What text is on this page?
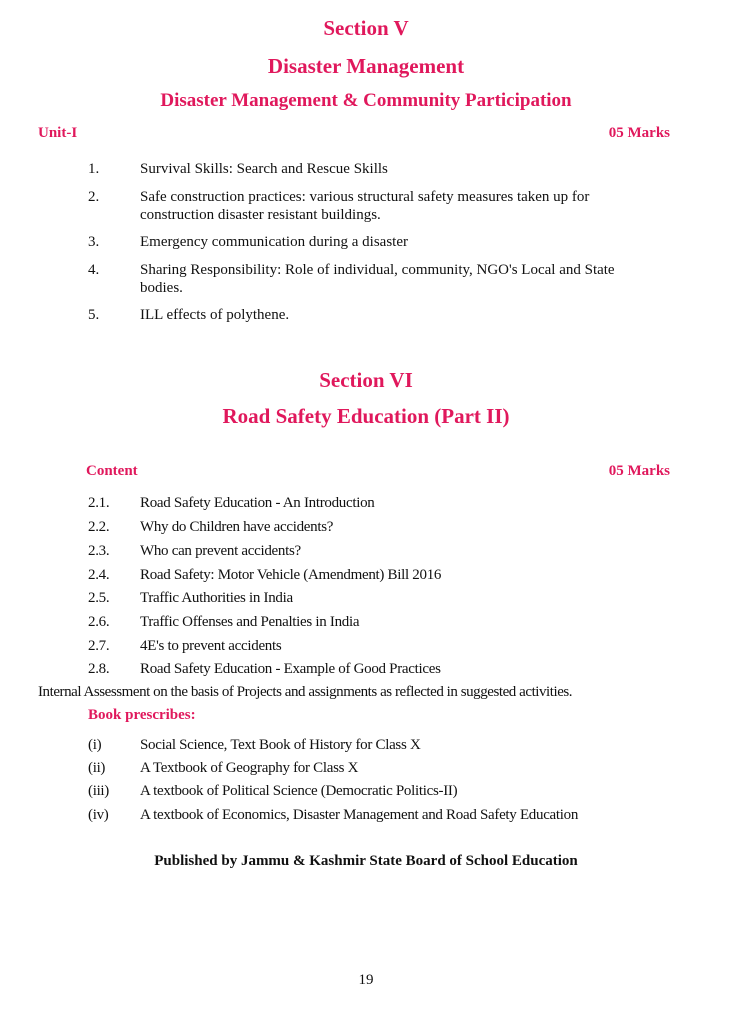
Section V
Disaster Management
Disaster Management & Community Participation
Unit-I	05 Marks
1.	Survival Skills: Search and Rescue Skills
2.	Safe construction practices: various structural safety measures taken up for
construction disaster resistant buildings.
3.	Emergency communication during a disaster
4.	Sharing Responsibility: Role of individual, community, NGO's Local and State
bodies.
5.	ILL effects of polythene.
Section VI
Road Safety Education (Part II)
Content	05 Marks
2.1. Road Safety Education - An Introduction
2.2. Why do Children have accidents?
2.3. Who can prevent accidents?
2.4. Road Safety: Motor Vehicle (Amendment) Bill 2016
2.5. Traffic Authorities in India
2.6. Traffic Offenses and Penalties in India
2.7. 4E's to prevent accidents
2.8. Road Safety Education - Example of Good Practices
Internal Assessment on the basis of Projects and assignments as reflected in suggested activities.
Book prescribes:
(i)	Social Science, Text Book of History for Class X
(ii) A Textbook of Geography for Class X
(iii) A textbook of Political Science (Democratic Politics-II)
(iv) A textbook of Economics, Disaster Management and Road Safety Education
Published by Jammu & Kashmir State Board of School Education
19
